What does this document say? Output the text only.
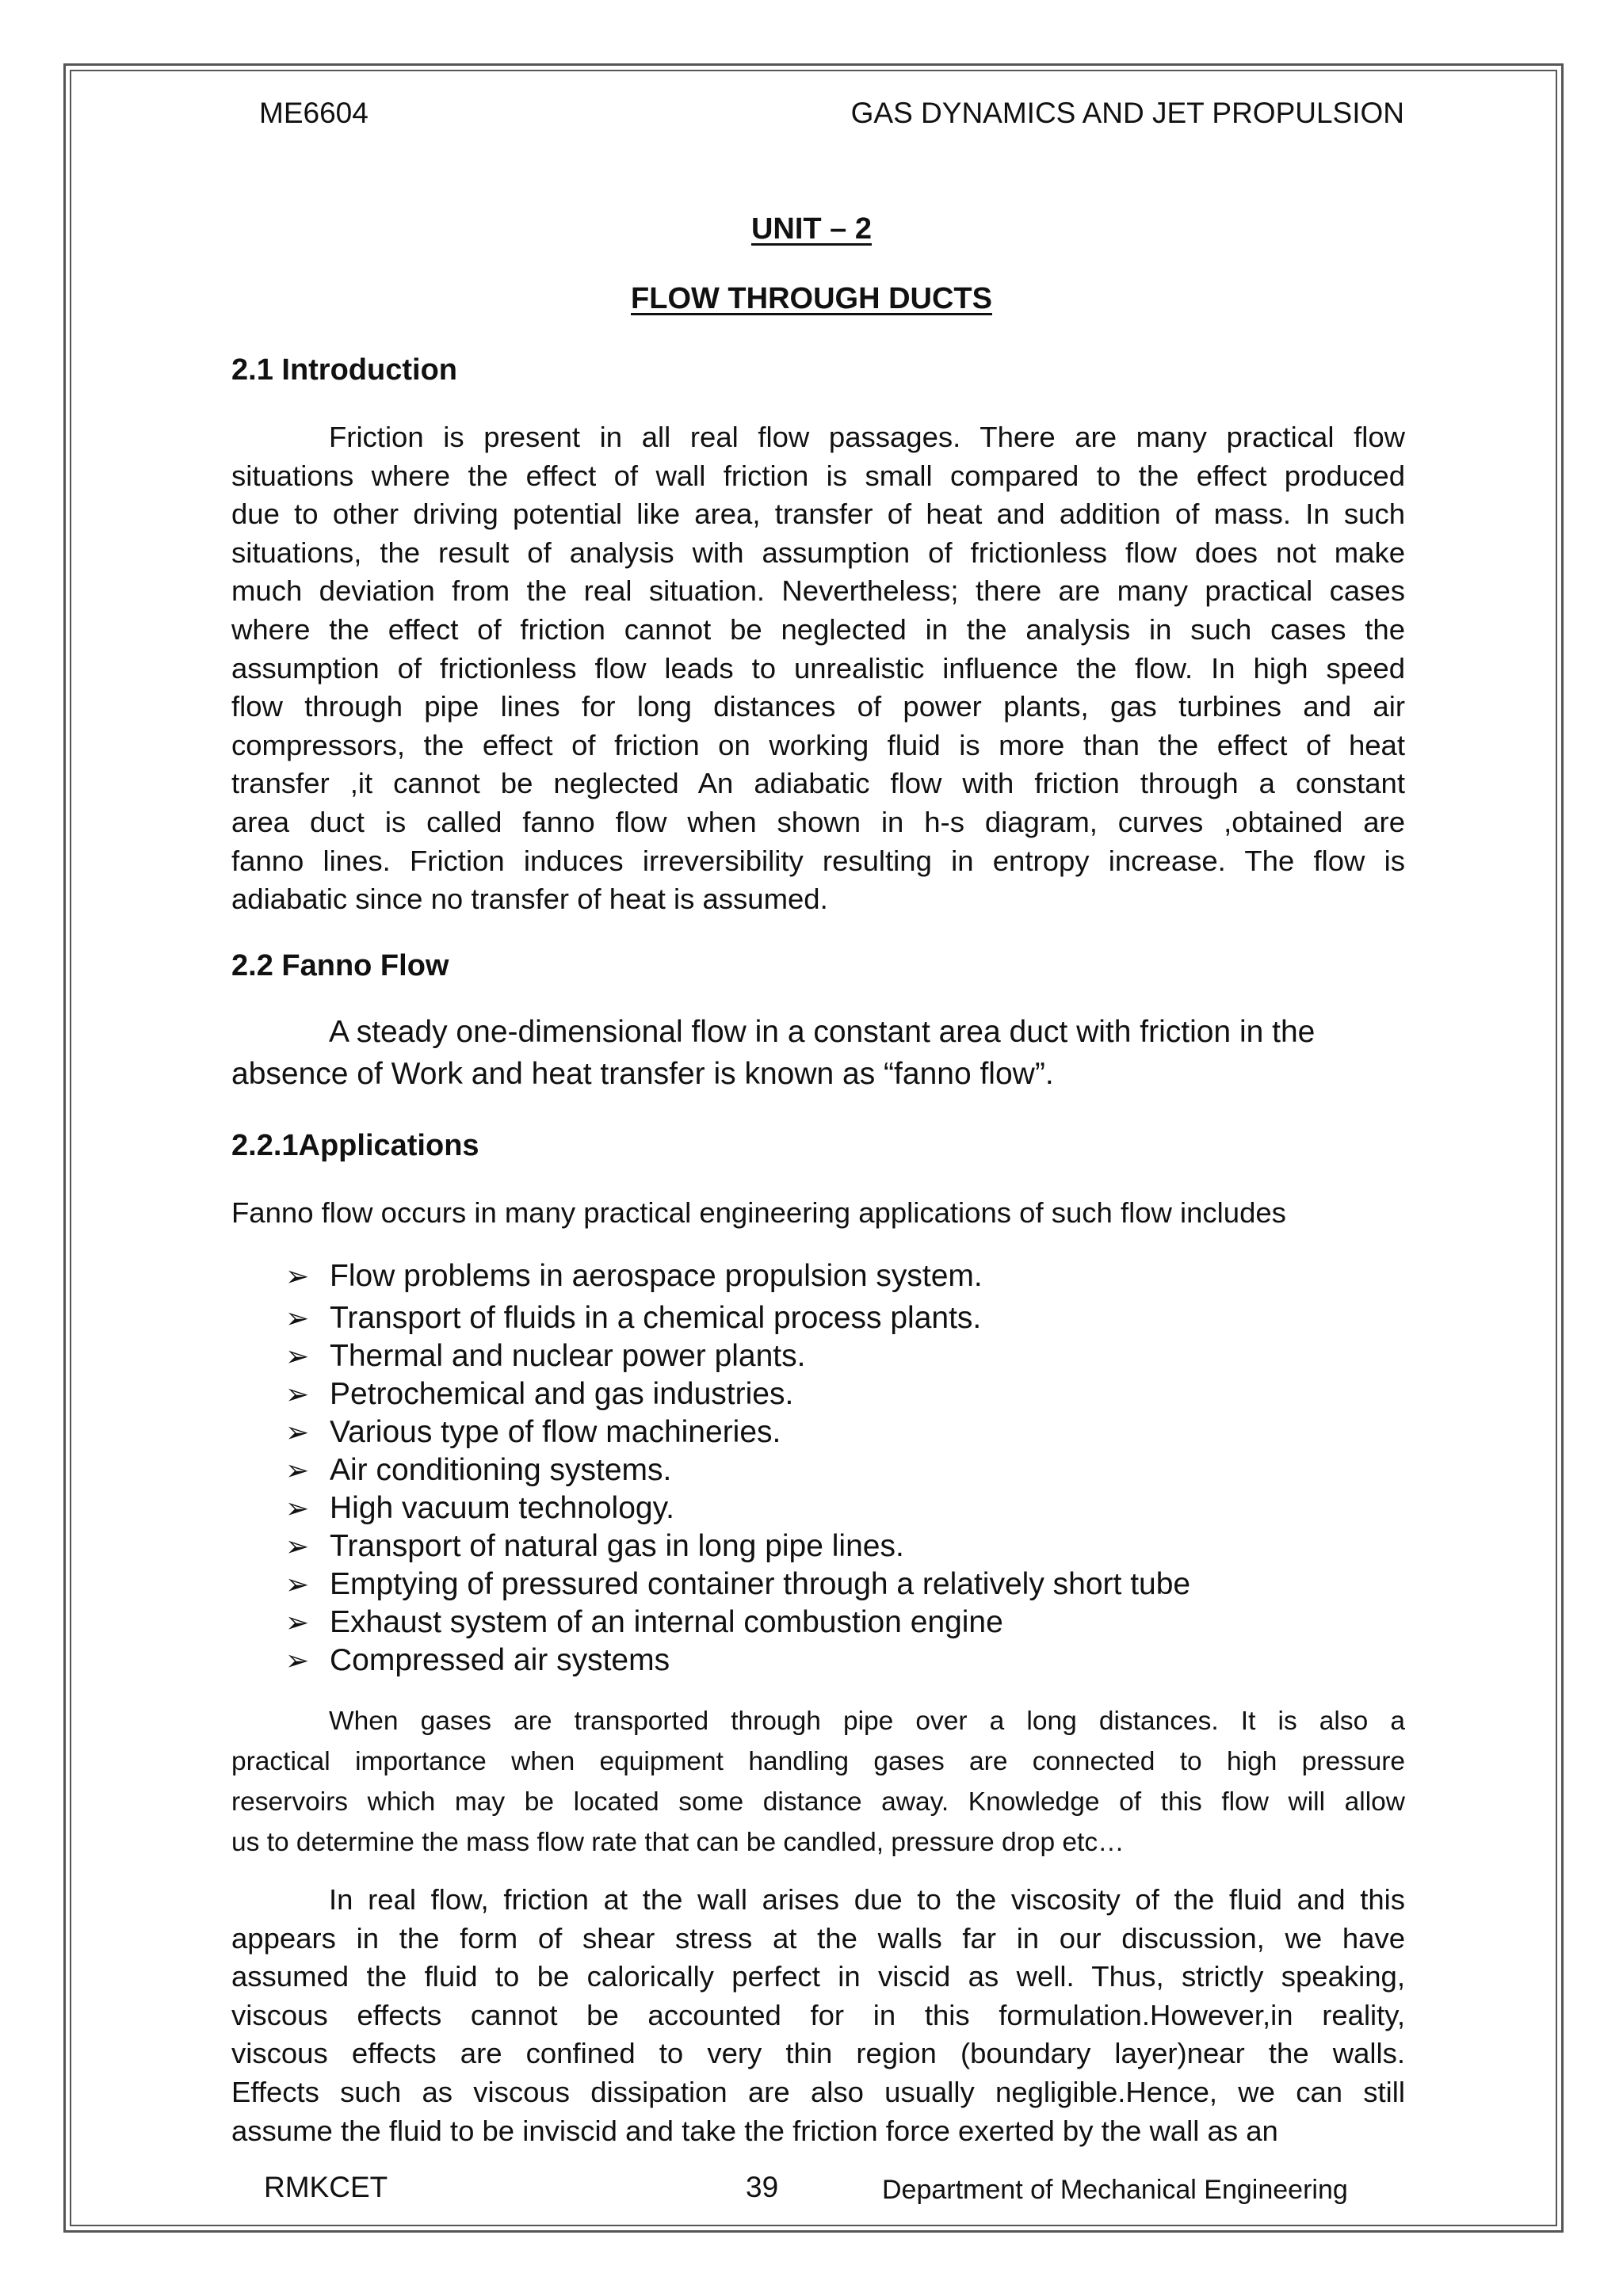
ME6604	GAS DYNAMICS AND JET PROPULSION
UNIT – 2
FLOW THROUGH DUCTS
2.1 Introduction
Friction is present in all real flow passages. There are many practical flow
situations where the effect of wall friction is small compared to the effect produced
due to other driving potential like area, transfer of heat and addition of mass. In such
situations, the result of analysis with assumption of frictionless flow does not make
much deviation from the real situation. Nevertheless; there are many practical cases
where the effect of friction cannot be neglected in the analysis in such cases the
assumption of frictionless flow leads to unrealistic influence the flow. In high speed
flow through pipe lines for long distances of power plants, gas turbines and air
compressors, the effect of friction on working fluid is more than the effect of heat
transfer ,it cannot be neglected An adiabatic flow with friction through a constant
area duct is called fanno flow when shown in h-s diagram, curves ,obtained are
fanno lines. Friction induces irreversibility resulting in entropy increase. The flow is
adiabatic since no transfer of heat is assumed.
2.2 Fanno Flow
A steady one-dimensional flow in a constant area duct with friction in the
absence of Work and heat transfer is known as “fanno flow”.
2.2.1Applications
Fanno flow occurs in many practical engineering applications of such flow includes
➢ Flow problems in aerospace propulsion system.
➢ Transport of fluids in a chemical process plants.
➢ Thermal and nuclear power plants.
➢ Petrochemical and gas industries.
➢ Various type of flow machineries.
➢ Air conditioning systems.
➢ High vacuum technology.
➢ Transport of natural gas in long pipe lines.
➢ Emptying of pressured container through a relatively short tube
➢ Exhaust system of an internal combustion engine
➢ Compressed air systems
When gases are transported through pipe over a long distances. It is also a
practical importance when equipment handling gases are connected to high pressure
reservoirs which may be located some distance away. Knowledge of this flow will allow
us to determine the mass flow rate that can be candled, pressure drop etc…
In real flow, friction at the wall arises due to the viscosity of the fluid and this
appears in the form of shear stress at the walls far in our discussion, we have
assumed the fluid to be calorically perfect in viscid as well. Thus, strictly speaking,
viscous effects cannot be accounted for in this formulation.However,in reality,
viscous effects are confined to very thin region (boundary layer)near the walls.
Effects such as viscous dissipation are also usually negligible.Hence, we can still
assume the fluid to be inviscid and take the friction force exerted by the wall as an
RMKCET	39	Department of Mechanical Engineering
